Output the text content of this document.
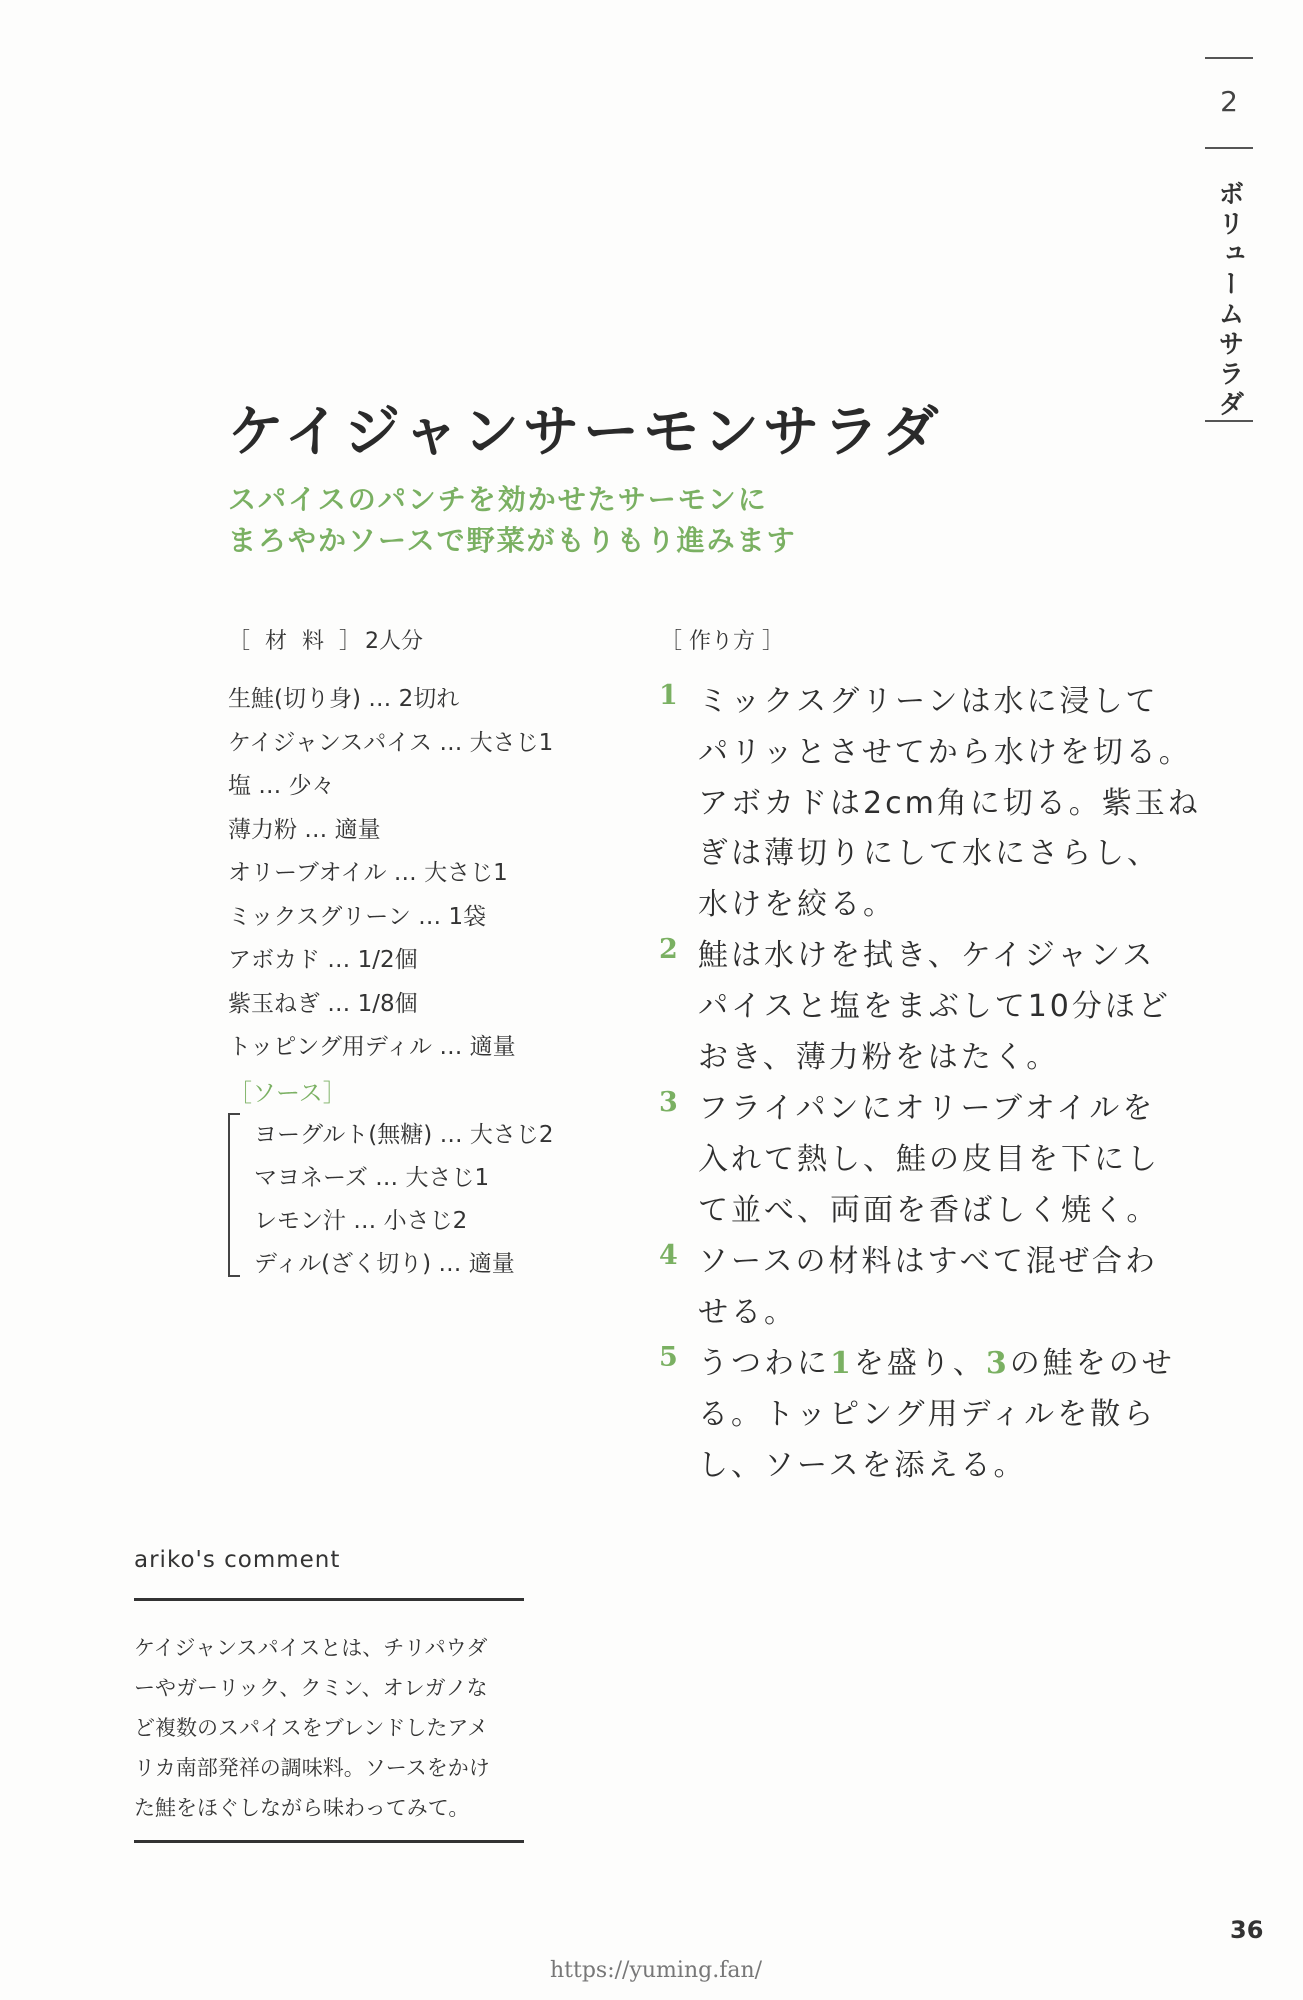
2
ボリュームサラダ
ケイジャンサーモンサラダ
スパイスのパンチを効かせたサーモンに
まろやかソースで野菜がもりもり進みます
［ 材 料 ］2人分
生鮭(切り身) … 2切れ
ケイジャンスパイス … 大さじ1
塩 … 少々
薄力粉 … 適量
オリーブオイル … 大さじ1
ミックスグリーン … 1袋
アボカド … 1/2個
紫玉ねぎ … 1/8個
トッピング用ディル … 適量
［ソース］
ヨーグルト(無糖) … 大さじ2
マヨネーズ … 大さじ1
レモン汁 … 小さじ2
ディル(ざく切り) … 適量
［ 作り方 ］
1 ミックスグリーンは水に浸して
パリッとさせてから水けを切る。
アボカドは2cm角に切る。紫玉ね
ぎは薄切りにして水にさらし、
水けを絞る。
2 鮭は水けを拭き、ケイジャンス
パイスと塩をまぶして10分ほど
おき、薄力粉をはたく。
3 フライパンにオリーブオイルを
入れて熱し、鮭の皮目を下にし
て並べ、両面を香ばしく焼く。
4 ソースの材料はすべて混ぜ合わ
せる。
5 うつわに1を盛り、3の鮭をのせ
る。トッピング用ディルを散ら
し、ソースを添える。
ariko's comment
ケイジャンスパイスとは、チリパウダ
ーやガーリック、クミン、オレガノな
ど複数のスパイスをブレンドしたアメ
リカ南部発祥の調味料。ソースをかけ
た鮭をほぐしながら味わってみて。
36
https://yuming.fan/
